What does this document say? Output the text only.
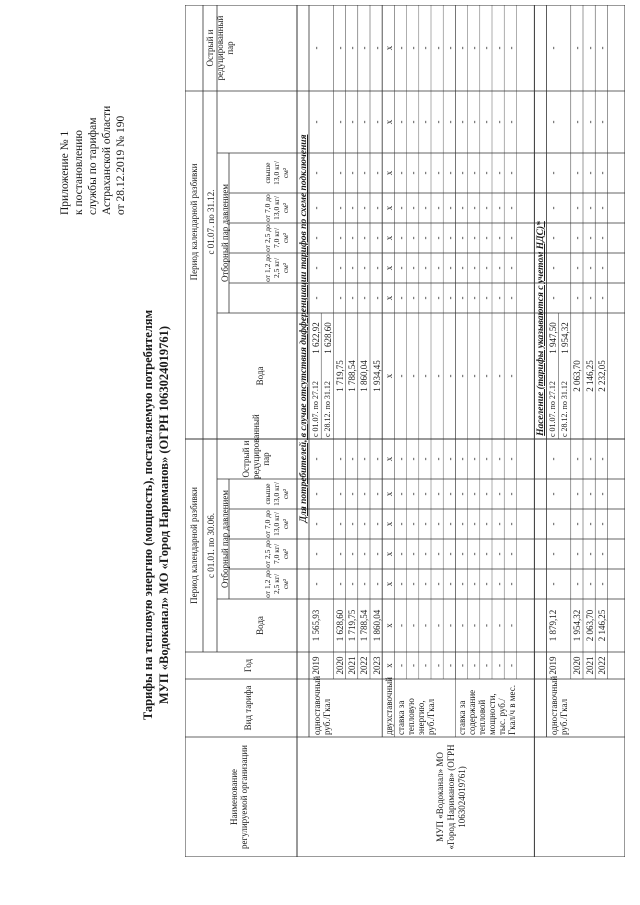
Приложение № 1 к постановлению службы по тарифам Астраханской области от 28.12.2019 № 190
Тарифы на тепловую энергию (мощность), поставляемую потребителям МУП «Водоканал» МО «Город Нариманов» (ОГРН 1063024019761)
Наименование регулируемой организации
Вид тарифа
Год
Период календарной разбивки с 01.01. по 30.06.
Период календарной разбивки с 01.07. по 31.12.
Вода
Вода
Отборный пар давлением
Отборный пар давлением
от 1,2 до 2,5 кг/см²
от 2,5 до 7,0 кг/см²
от 7,0 до 13,0 кг/см²
свыше 13,0 кг/см²
от 1,2 до 2,5 кг/см²
от 2,5 до 7,0 кг/см²
от 7,0 до 13,0 кг/см²
свыше 13,0 кг/см²
Острый и редуцированный пар
Острый и редуцированный пар
Для потребителей, в случае отсутствия дифференциации тарифов по схеме подключения
одноставочный руб./Гкал
2019
1 565,93
-
-
-
-
-
с 01.07. по 27.12
1 622,92
с 28.12. по 31.12
1 628,60
-
-
-
-
-
-
-
2020
1 628,60
-
-
-
-
-
1 719,75
-
-
-
-
-
-
-
2021
1 719,75
-
-
-
-
-
1 788,54
-
-
-
-
-
-
-
2022
1 788,54
-
-
-
-
-
1 860,04
-
-
-
-
-
-
-
2023
1 860,04
-
-
-
-
-
1 934,45
-
-
-
-
-
-
-
двухставочный
х
х
х
х
х
х
х
х
х
х
х
х
х
х
х
ставка за тепловую энергию, руб./Гкал
-
-
-
-
-
-
-
-
-
-
-
-
-
-
-
-
-
-
-
-
-
-
-
-
-
-
-
-
-
-
-
-
-
-
-
-
-
-
-
-
-
-
-
-
-
-
-
-
-
-
-
-
-
-
-
-
-
-
-
-
-
-
-
-
-
-
-
-
-
-
-
-
-
-
-
ставка за содержание тепловой мощности, тыс. руб./Гкал/ч в мес.
-
-
-
-
-
-
-
-
-
-
-
-
-
-
-
-
-
-
-
-
-
-
-
-
-
-
-
-
-
-
-
-
-
-
-
-
-
-
-
-
-
-
-
-
-
-
-
-
-
-
-
-
-
-
-
-
-
-
-
-
-
-
-
-
-
-
-
-
-
-
-
-
-
-
-
МУП «Водоканал» МО «Город Нариманов» (ОГРН 1063024019761)
Население (тарифы указываются с учетом НДС)*
одноставочный руб./Гкал
2019
1 879,12
-
-
-
-
-
с 01.07. по 27.12
1 947,50
с 28.12. по 31.12
1 954,32
-
-
-
-
-
-
-
2020
1 954,32
-
-
-
-
-
2 063,70
-
-
-
-
-
-
-
2021
2 063,70
-
-
-
-
-
2 146,25
-
-
-
-
-
-
-
2022
2 146,25
-
-
-
-
-
2 232,05
-
-
-
-
-
-
-
